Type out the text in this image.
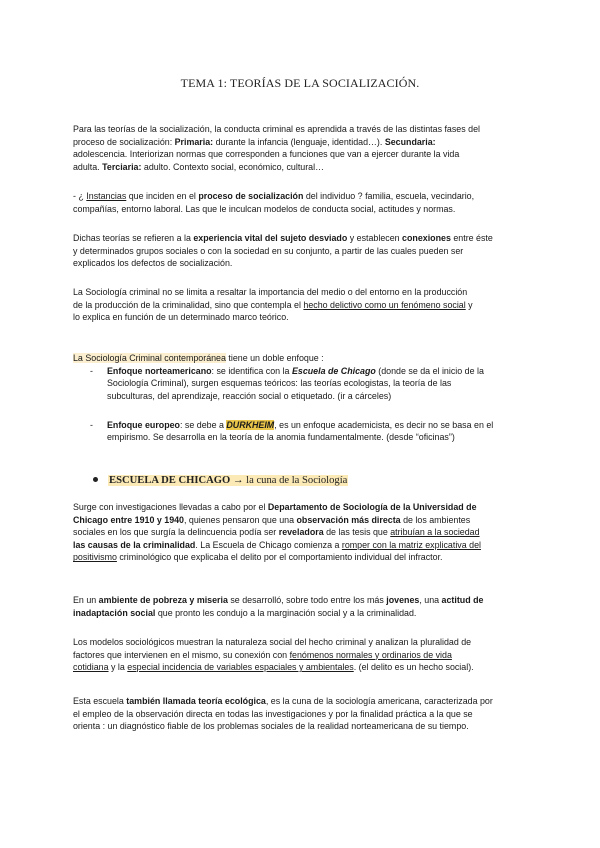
TEMA 1: TEORÍAS DE LA SOCIALIZACIÓN.
Para las teorías de la socialización, la conducta criminal es aprendida a través de las distintas fases del
proceso de socialización: Primaria: durante la infancia (lenguaje, identidad…). Secundaria:
adolescencia. Interiorizan normas que corresponden a funciones que van a ejercer durante la vida
adulta. Terciaria: adulto. Contexto social, económico, cultural…
- ¿ Instancias que inciden en el proceso de socialización del individuo ? familia, escuela, vecindario,
compañías, entorno laboral. Las que le inculcan modelos de conducta social, actitudes y normas.
Dichas teorías se refieren a la experiencia vital del sujeto desviado y establecen conexiones entre éste
y determinados grupos sociales o con la sociedad en su conjunto, a partir de las cuales pueden ser
explicados los defectos de socialización.
La Sociología criminal no se limita a resaltar la importancia del medio o del entorno en la producción
de la producción de la criminalidad, sino que contempla el hecho delictivo como un fenómeno social y
lo explica en función de un determinado marco teórico.
La Sociología Criminal contemporánea tiene un doble enfoque :
- Enfoque norteamericano: se identifica con la Escuela de Chicago (donde se da el inicio de la
Sociología Criminal), surgen esquemas teóricos: las teorías ecologistas, la teoría de las
subculturas, del aprendizaje, reacción social o etiquetado. (ir a cárceles)
- Enfoque europeo: se debe a DURKHEIM, es un enfoque academicista, es decir no se basa en el
empirismo. Se desarrolla en la teoría de la anomia fundamentalmente. (desde “oficinas”)
ESCUELA DE CHICAGO → la cuna de la Sociología
Surge con investigaciones llevadas a cabo por el Departamento de Sociología de la Universidad de
Chicago entre 1910 y 1940, quienes pensaron que una observación más directa de los ambientes
sociales en los que surgía la delincuencia podía ser reveladora de las tesis que atribuían a la sociedad
las causas de la criminalidad. La Escuela de Chicago comienza a romper con la matriz explicativa del
positivismo criminológico que explicaba el delito por el comportamiento individual del infractor.
En un ambiente de pobreza y miseria se desarrolló, sobre todo entre los más jovenes, una actitud de
inadaptación social que pronto les condujo a la marginación social y a la criminalidad.
Los modelos sociológicos muestran la naturaleza social del hecho criminal y analizan la pluralidad de
factores que intervienen en el mismo, su conexión con fenómenos normales y ordinarios de vida
cotidiana y la especial incidencia de variables espaciales y ambientales. (el delito es un hecho social).
Esta escuela también llamada teoría ecológica, es la cuna de la sociología americana, caracterizada por
el empleo de la observación directa en todas las investigaciones y por la finalidad práctica a la que se
orienta : un diagnóstico fiable de los problemas sociales de la realidad norteamericana de su tiempo.
